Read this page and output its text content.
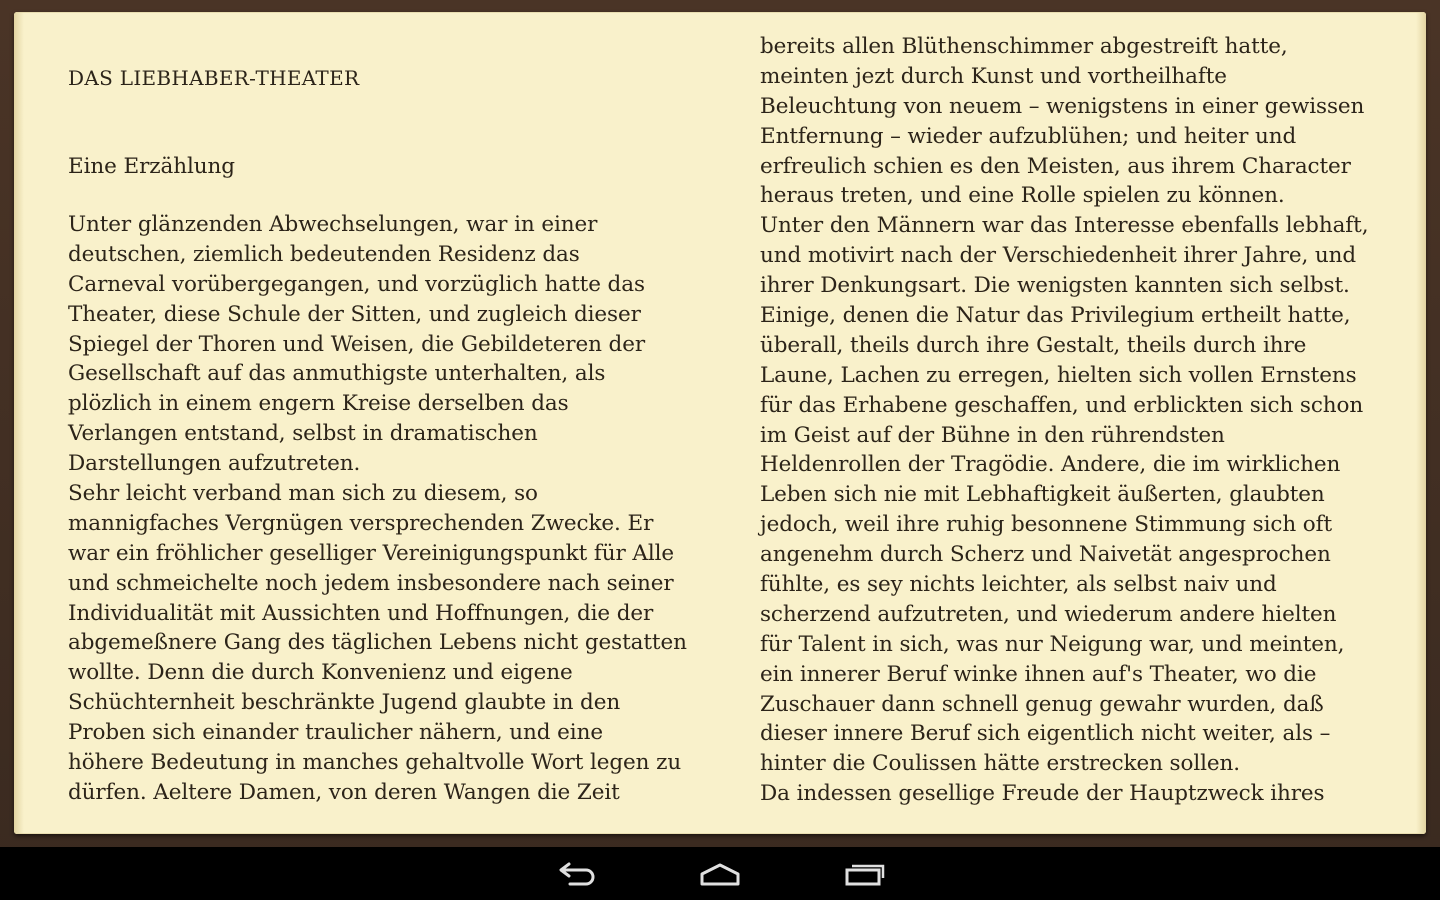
DAS LIEBHABER-THEATER
Eine Erzählung
Unter glänzenden Abwechselungen, war in einer
deutschen, ziemlich bedeutenden Residenz das
Carneval vorübergegangen, und vorzüglich hatte das
Theater, diese Schule der Sitten, und zugleich dieser
Spiegel der Thoren und Weisen, die Gebildeteren der
Gesellschaft auf das anmuthigste unterhalten, als
plözlich in einem engern Kreise derselben das
Verlangen entstand, selbst in dramatischen
Darstellungen aufzutreten.
Sehr leicht verband man sich zu diesem, so
mannigfaches Vergnügen versprechenden Zwecke. Er
war ein fröhlicher geselliger Vereinigungspunkt für Alle
und schmeichelte noch jedem insbesondere nach seiner
Individualität mit Aussichten und Hoffnungen, die der
abgemeßnere Gang des täglichen Lebens nicht gestatten
wollte. Denn die durch Konvenienz und eigene
Schüchternheit beschränkte Jugend glaubte in den
Proben sich einander traulicher nähern, und eine
höhere Bedeutung in manches gehaltvolle Wort legen zu
dürfen. Aeltere Damen, von deren Wangen die Zeit
bereits allen Blüthenschimmer abgestreift hatte,
meinten jezt durch Kunst und vortheilhafte
Beleuchtung von neuem – wenigstens in einer gewissen
Entfernung – wieder aufzublühen; und heiter und
erfreulich schien es den Meisten, aus ihrem Character
heraus treten, und eine Rolle spielen zu können.
Unter den Männern war das Interesse ebenfalls lebhaft,
und motivirt nach der Verschiedenheit ihrer Jahre, und
ihrer Denkungsart. Die wenigsten kannten sich selbst.
Einige, denen die Natur das Privilegium ertheilt hatte,
überall, theils durch ihre Gestalt, theils durch ihre
Laune, Lachen zu erregen, hielten sich vollen Ernstens
für das Erhabene geschaffen, und erblickten sich schon
im Geist auf der Bühne in den rührendsten
Heldenrollen der Tragödie. Andere, die im wirklichen
Leben sich nie mit Lebhaftigkeit äußerten, glaubten
jedoch, weil ihre ruhig besonnene Stimmung sich oft
angenehm durch Scherz und Naivetät angesprochen
fühlte, es sey nichts leichter, als selbst naiv und
scherzend aufzutreten, und wiederum andere hielten
für Talent in sich, was nur Neigung war, und meinten,
ein innerer Beruf winke ihnen auf's Theater, wo die
Zuschauer dann schnell genug gewahr wurden, daß
dieser innere Beruf sich eigentlich nicht weiter, als –
hinter die Coulissen hätte erstrecken sollen.
Da indessen gesellige Freude der Hauptzweck ihres
